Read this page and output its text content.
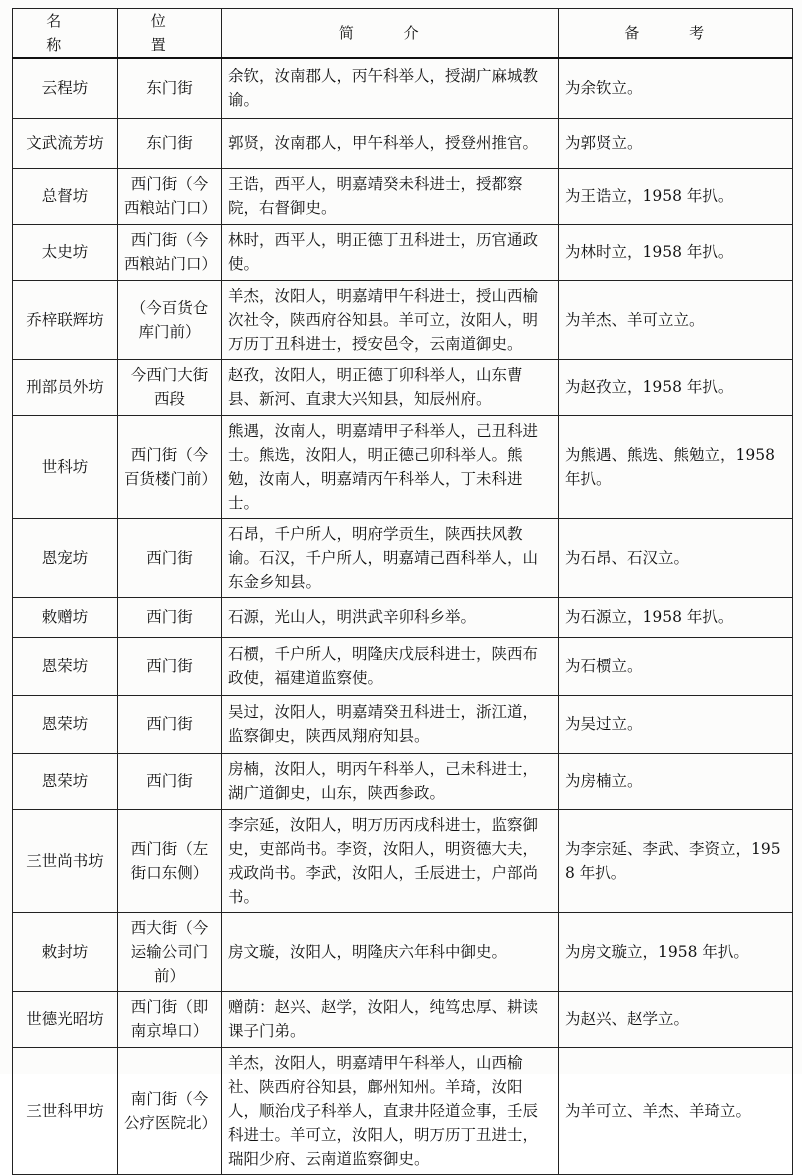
名 称	位 置	简 介	备 考
云程坊	东门街	余钦，汝南郡人，丙午科举人，授湖广麻城教谕。	为余钦立。
文武流芳坊	东门街	郭贤，汝南郡人，甲午科举人，授登州推官。	为郭贤立。
总督坊	西门街（今西粮站门口）	王诰，西平人，明嘉靖癸未科进士，授都察院，右督御史。	为王诰立，1958 年扒。
太史坊	西门街（今西粮站门口）	林时，西平人，明正德丁丑科进士，历官通政使。	为林时立，1958 年扒。
乔梓联辉坊	（今百货仓库门前）	羊杰，汝阳人，明嘉靖甲午科进士，授山西榆次社令，陕西府谷知县。羊可立，汝阳人，明万历丁丑科进士，授安邑令，云南道御史。	为羊杰、羊可立立。
刑部员外坊	今西门大街西段	赵孜，汝阳人，明正德丁卯科举人，山东曹县、新河、直隶大兴知县，知辰州府。	为赵孜立，1958 年扒。
世科坊	西门街（今百货楼门前）	熊遇，汝南人，明嘉靖甲子科举人，己丑科进士。熊选，汝阳人，明正德己卯科举人。熊勉，汝南人，明嘉靖丙午科举人，丁未科进士。	为熊遇、熊选、熊勉立，1958 年扒。
恩宠坊	西门街	石昂，千户所人，明府学贡生，陕西扶风教谕。石汉，千户所人，明嘉靖己酉科举人，山东金乡知县。	为石昂、石汉立。
敕赠坊	西门街	石源，光山人，明洪武辛卯科乡举。	为石源立，1958 年扒。
恩荣坊	西门街	石槚，千户所人，明隆庆戊辰科进士，陕西布政使，福建道监察使。	为石槚立。
恩荣坊	西门街	吴过，汝阳人，明嘉靖癸丑科进士，浙江道，监察御史，陕西凤翔府知县。	为吴过立。
恩荣坊	西门街	房楠，汝阳人，明丙午科举人，己未科进士，湖广道御史，山东，陕西参政。	为房楠立。
三世尚书坊	西门街（左街口东侧）	李宗延，汝阳人，明万历丙戌科进士，监察御史，吏部尚书。李资，汝阳人，明资德大夫，戎政尚书。李武，汝阳人，壬辰进士，户部尚书。	为李宗延、李武、李资立，1958 年扒。
敕封坊	西大街（今运输公司门前）	房文璇，汝阳人，明隆庆六年科中御史。	为房文璇立，1958 年扒。
世德光昭坊	西门街（即南京埠口）	赠荫：赵兴、赵学，汝阳人，纯笃忠厚、耕读课子门弟。	为赵兴、赵学立。
三世科甲坊	南门街（今公疗医院北）	羊杰，汝阳人，明嘉靖甲午科举人，山西榆社、陕西府谷知县，鄜州知州。羊琦，汝阳人，顺治戊子科举人，直隶井陉道佥事，壬辰科进士。羊可立，汝阳人，明万历丁丑进士，瑞阳少府、云南道监察御史。	为羊可立、羊杰、羊琦立。
